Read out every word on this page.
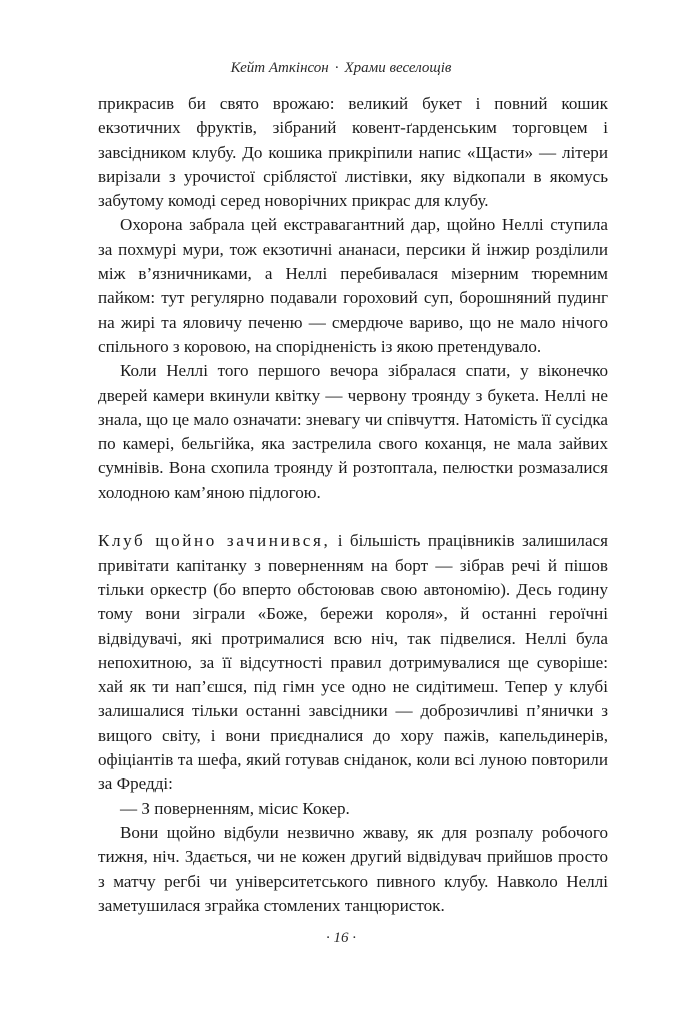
Кейт Аткінсон · Храми веселощів

прикрасив би свято врожаю: великий букет і повний кошик екзотичних фруктів, зібраний ковент-ґарденським торговцем і завсідником клубу. До кошика прикріпили напис «Щасти» — літери вирізали з урочистої сріблястої листівки, яку відкопали в якомусь забутому комоді серед новорічних прикрас для клубу.

Охорона забрала цей екстравагантний дар, щойно Неллі ступила за похмурі мури, тож екзотичні ананаси, персики й інжир розділили між в’язничниками, а Неллі перебивалася мізерним тюремним пайком: тут регулярно подавали гороховий суп, борошняний пудинг на жирі та яловичу печеню — смердюче вариво, що не мало нічого спільного з коровою, на спорідненість із якою претендувало.

Коли Неллі того першого вечора зібралася спати, у віконечко дверей камери вкинули квітку — червону троянду з букета. Неллі не знала, що це мало означати: зневагу чи співчуття. Натомість її сусідка по камері, бельгійка, яка застрелила свого коханця, не мала зайвих сумнівів. Вона схопила троянду й розтоптала, пелюстки розмазалися холодною кам’яною підлогою.

Клуб щойно зачинився, і більшість працівників залишилася привітати капітанку з поверненням на борт — зібрав речі й пішов тільки оркестр (бо вперто обстоював свою автономію). Десь годину тому вони зіграли «Боже, бережи короля», й останні героїчні відвідувачі, які протрималися всю ніч, так підвелися. Неллі була непохитною, за її відсутності правил дотримувалися ще суворіше: хай як ти нап’єшся, під гімн усе одно не сидітимеш. Тепер у клубі залишалися тільки останні завсідники — доброзичливі п’янички з вищого світу, і вони приєдналися до хору пажів, капельдинерів, офіціантів та шефа, який готував сніданок, коли всі луною повторили за Фредді:

— З поверненням, місис Кокер.

Вони щойно відбули незвично жваву, як для розпалу робочого тижня, ніч. Здається, чи не кожен другий відвідувач прийшов просто з матчу регбі чи університетського пивного клубу. Навколо Неллі заметушилася зграйка стомлених танцюристок.

· 16 ·
